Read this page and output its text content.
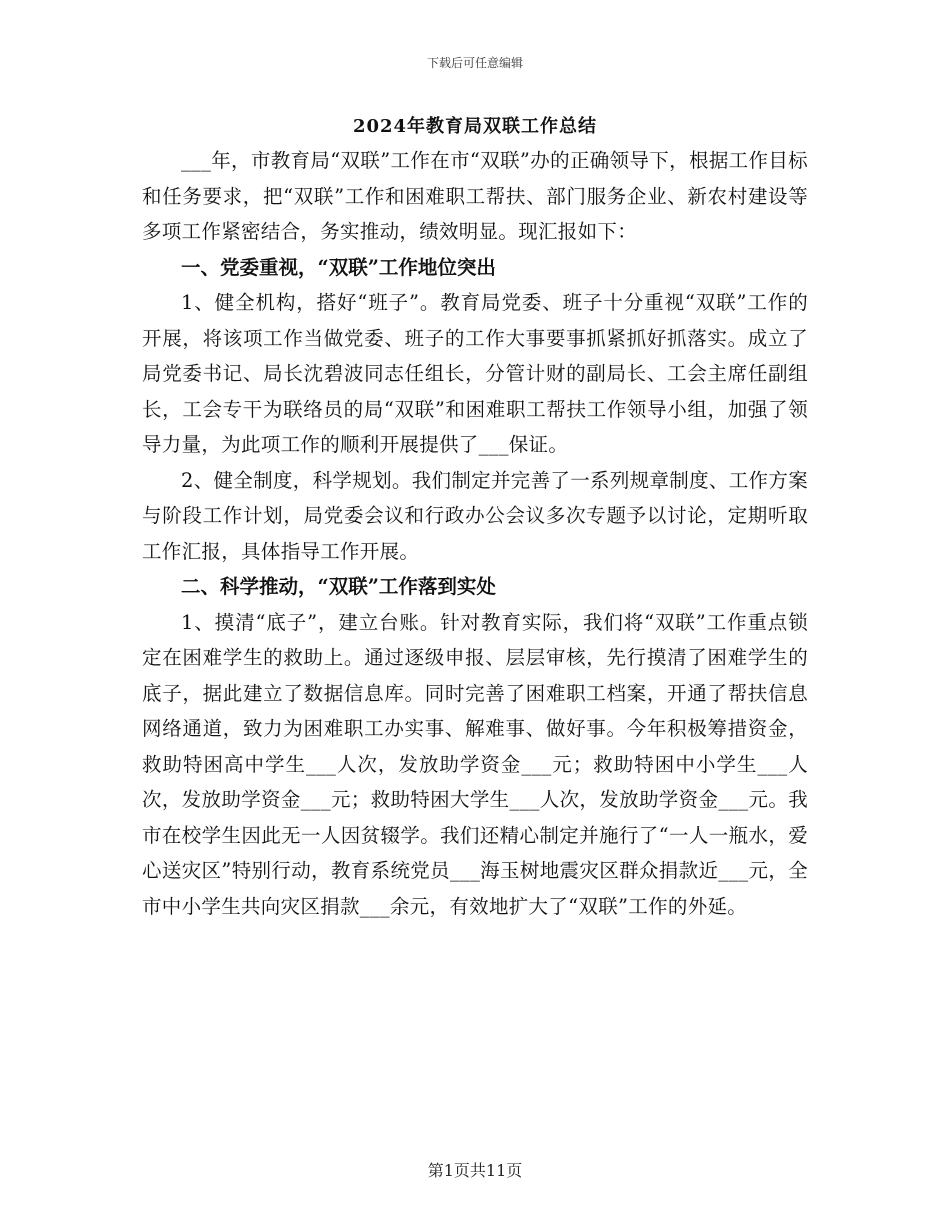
下载后可任意编辑
2024年教育局双联工作总结

___年，市教育局“双联”工作在市“双联”办的正确领导下，根据工作目标和任务要求，把“双联”工作和困难职工帮扶、部门服务企业、新农村建设等多项工作紧密结合，务实推动，绩效明显。现汇报如下：

一、党委重视，“双联”工作地位突出

1、健全机构，搭好“班子”。教育局党委、班子十分重视“双联”工作的开展，将该项工作当做党委、班子的工作大事要事抓紧抓好抓落实。成立了局党委书记、局长沈碧波同志任组长，分管计财的副局长、工会主席任副组长，工会专干为联络员的局“双联”和困难职工帮扶工作领导小组，加强了领导力量，为此项工作的顺利开展提供了___保证。

2、健全制度，科学规划。我们制定并完善了一系列规章制度、工作方案与阶段工作计划，局党委会议和行政办公会议多次专题予以讨论，定期听取工作汇报，具体指导工作开展。

二、科学推动，“双联”工作落到实处

1、摸清“底子”，建立台账。针对教育实际，我们将“双联”工作重点锁定在困难学生的救助上。通过逐级申报、层层审核，先行摸清了困难学生的底子，据此建立了数据信息库。同时完善了困难职工档案，开通了帮扶信息网络通道，致力为困难职工办实事、解难事、做好事。今年积极筹措资金，救助特困高中学生___人次，发放助学资金___元；救助特困中小学生___人次，发放助学资金___元；救助特困大学生___人次，发放助学资金___元。我市在校学生因此无一人因贫辍学。我们还精心制定并施行了“一人一瓶水，爱心送灾区”特别行动，教育系统党员___海玉树地震灾区群众捐款近___元，全市中小学生共向灾区捐款___余元，有效地扩大了“双联”工作的外延。

第1页共11页
